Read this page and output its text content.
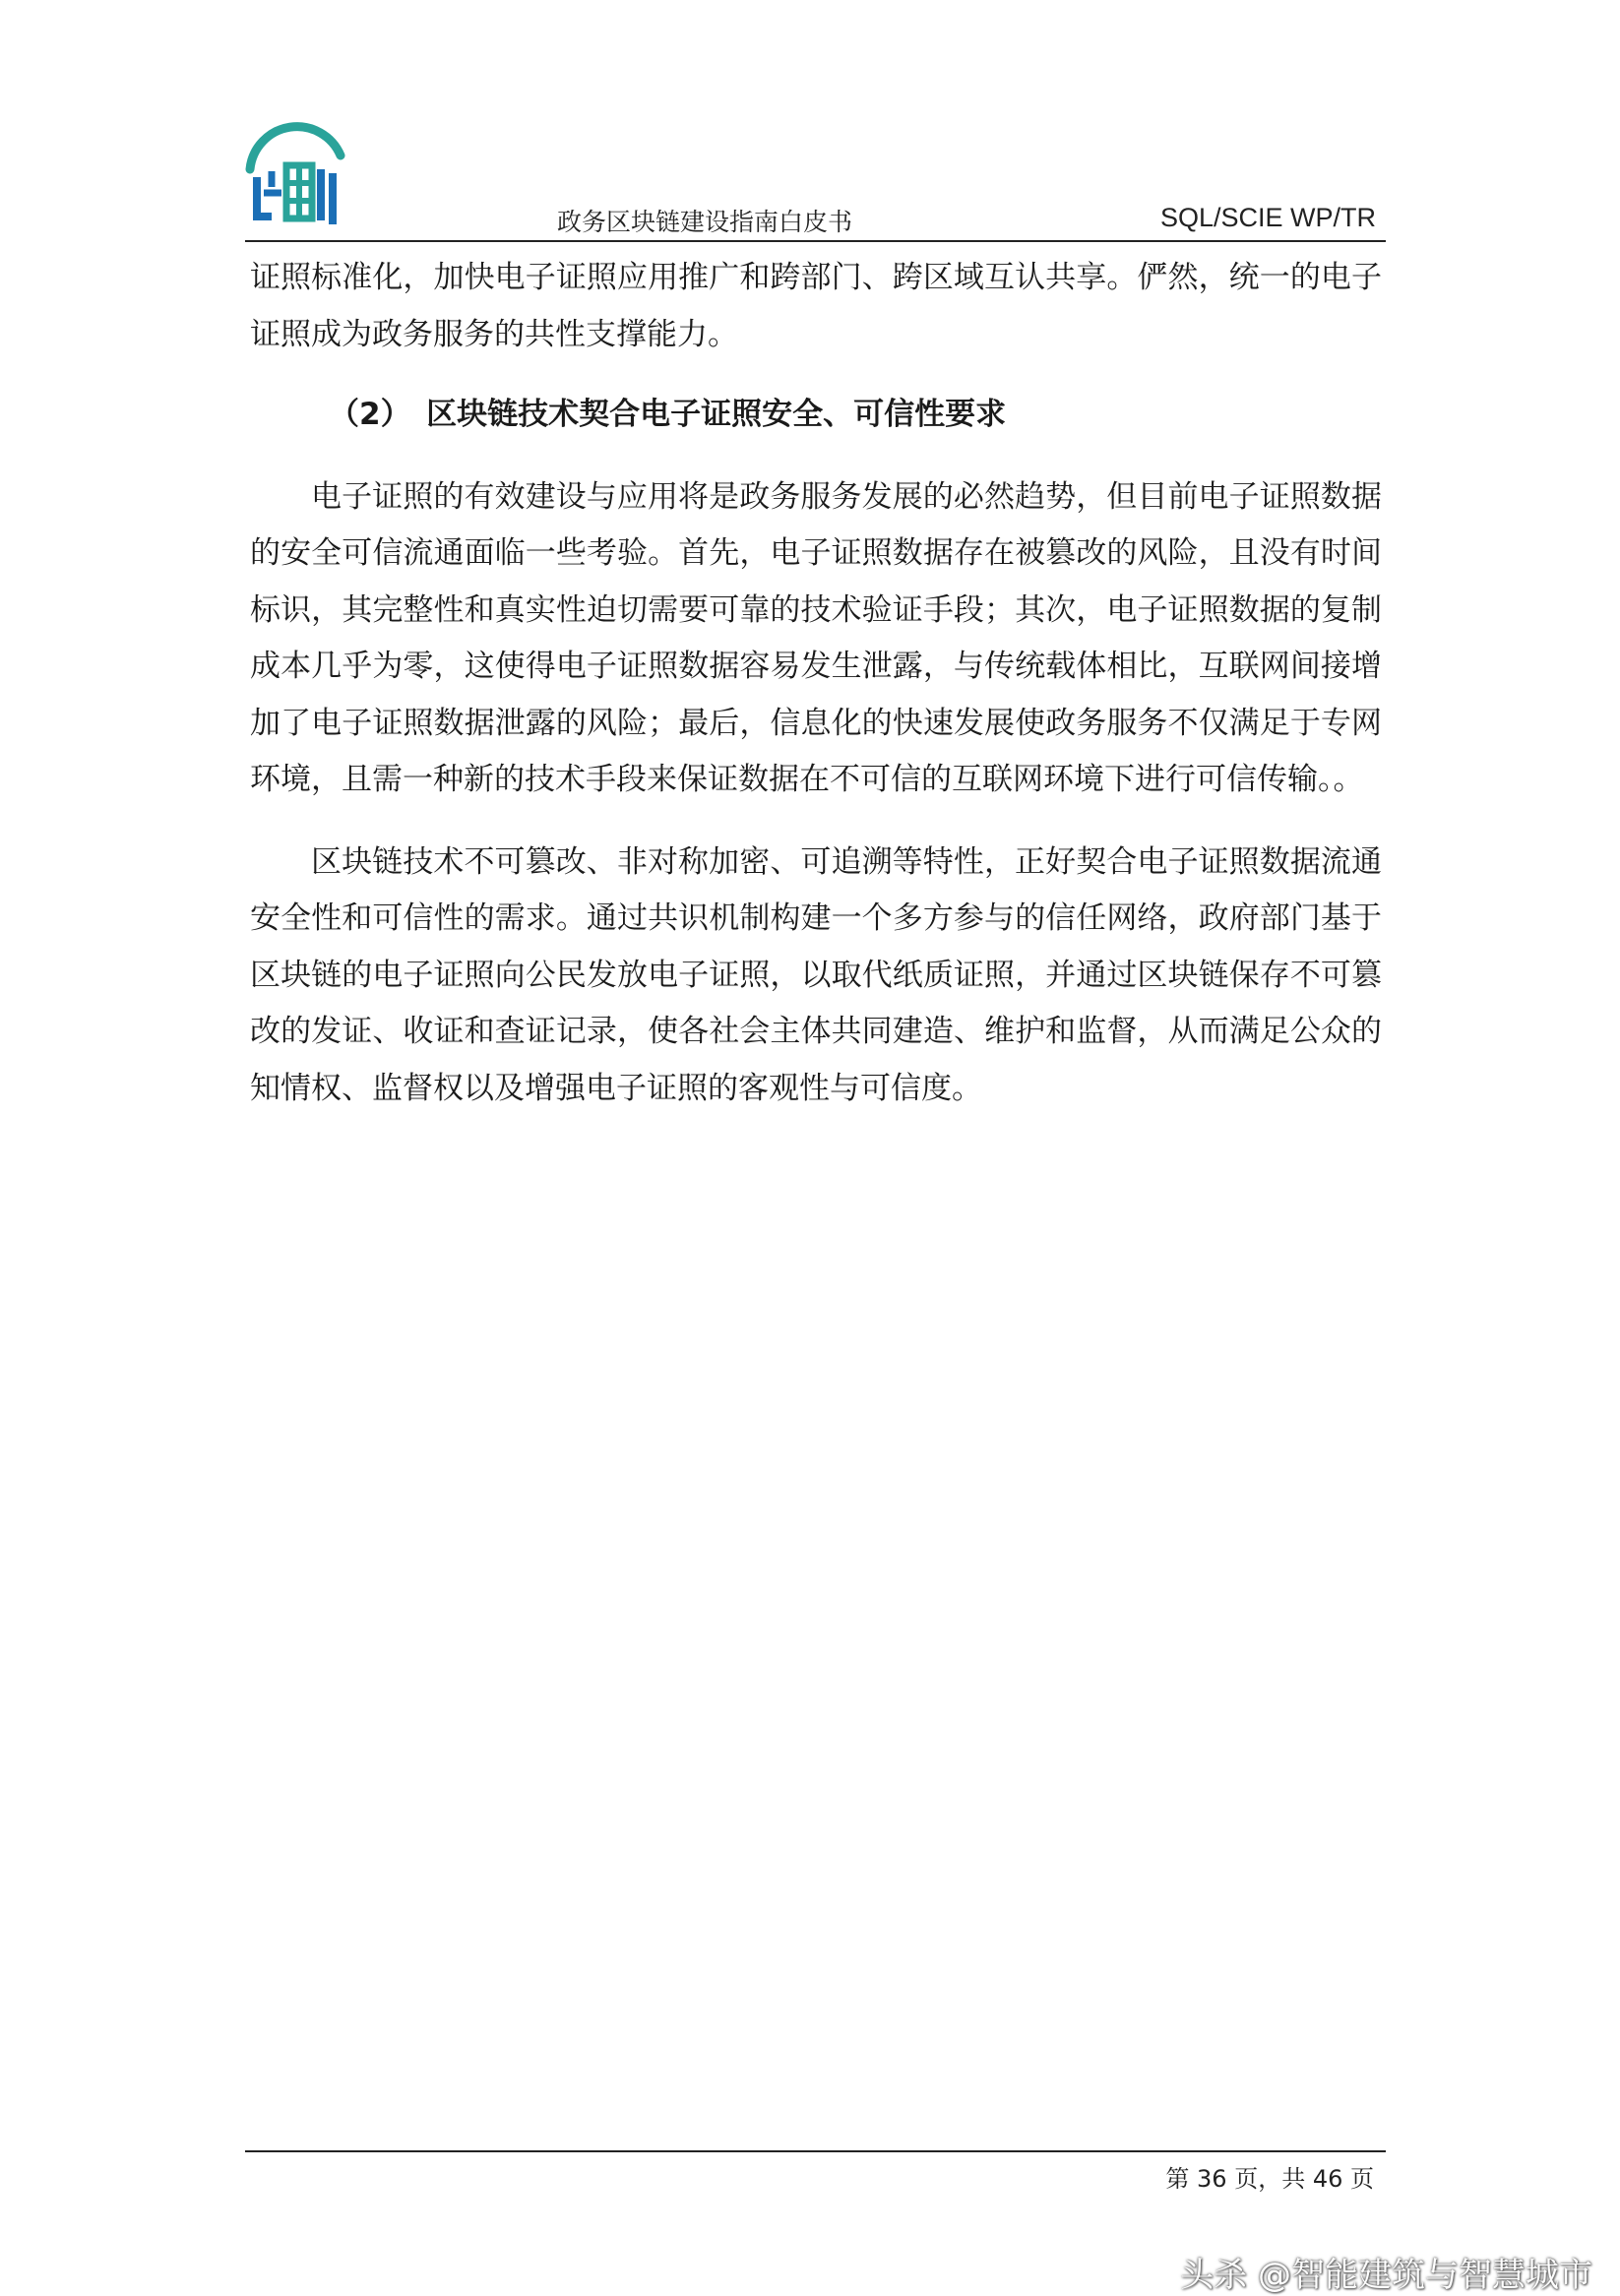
政务区块链建设指南白皮书	SQL/SCIE WP/TR

证照标准化，加快电子证照应用推广和跨部门、跨区域互认共享。俨然，统一的电子证照成为政务服务的共性支撑能力。

（2）　区块链技术契合电子证照安全、可信性要求

电子证照的有效建设与应用将是政务服务发展的必然趋势，但目前电子证照数据的安全可信流通面临一些考验。首先，电子证照数据存在被篡改的风险，且没有时间标识，其完整性和真实性迫切需要可靠的技术验证手段；其次，电子证照数据的复制成本几乎为零，这使得电子证照数据容易发生泄露，与传统载体相比，互联网间接增加了电子证照数据泄露的风险；最后，信息化的快速发展使政务服务不仅满足于专网环境，且需一种新的技术手段来保证数据在不可信的互联网环境下进行可信传输。。

区块链技术不可篡改、非对称加密、可追溯等特性，正好契合电子证照数据流通安全性和可信性的需求。通过共识机制构建一个多方参与的信任网络，政府部门基于区块链的电子证照向公民发放电子证照，以取代纸质证照，并通过区块链保存不可篡改的发证、收证和查证记录，使各社会主体共同建造、维护和监督，从而满足公众的知情权、监督权以及增强电子证照的客观性与可信度。

第 36 页，共 46 页
头杀 @智能建筑与智慧城市
